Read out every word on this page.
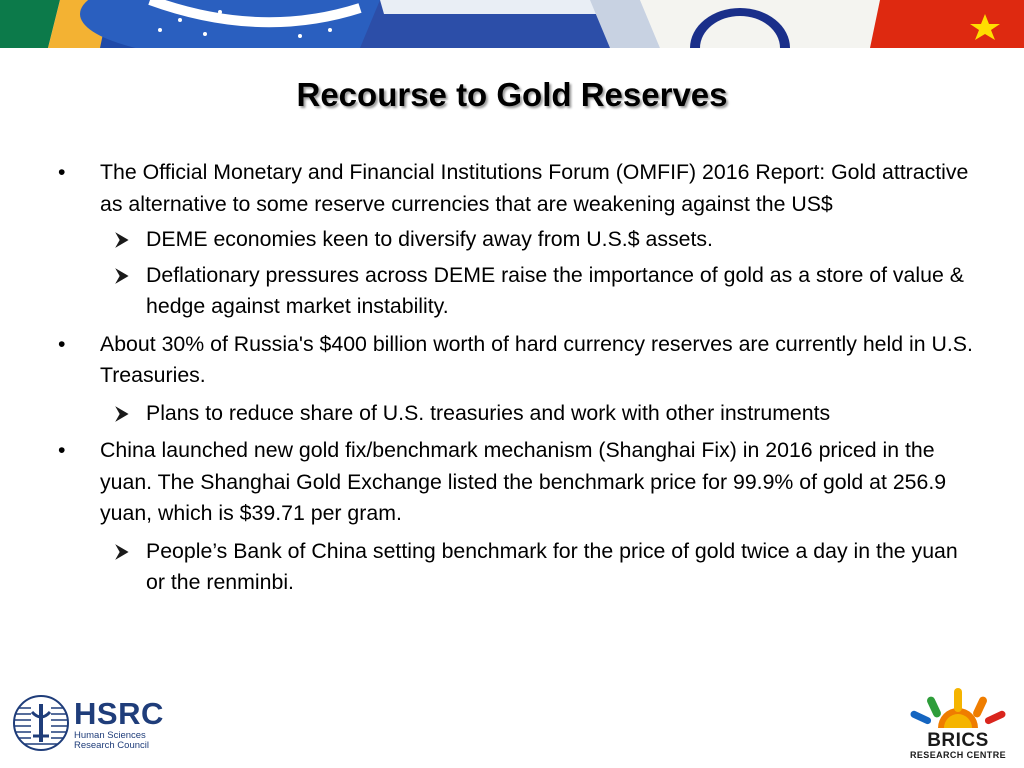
Recourse to Gold Reserves
•	The Official Monetary and Financial Institutions Forum (OMFIF) 2016 Report: Gold attractive as alternative to some reserve currencies that are weakening against the US$
DEME economies keen to diversify away from U.S.$ assets.
Deflationary pressures across DEME raise the importance of gold as a store of value & hedge against market instability.
•	About 30% of Russia's $400 billion worth of hard currency reserves are currently held in U.S. Treasuries.
Plans to reduce share of U.S. treasuries and work with other instruments
•	China launched new gold fix/benchmark mechanism (Shanghai Fix) in 2016 priced in the yuan. The Shanghai Gold Exchange listed the benchmark price for 99.9% of gold at 256.9 yuan, which is $39.71 per gram.
People’s Bank of China setting benchmark for the price of gold twice a day in the yuan or the renminbi.
HSRC
Human Sciences
Research Council	BRICS
RESEARCH CENTRE
